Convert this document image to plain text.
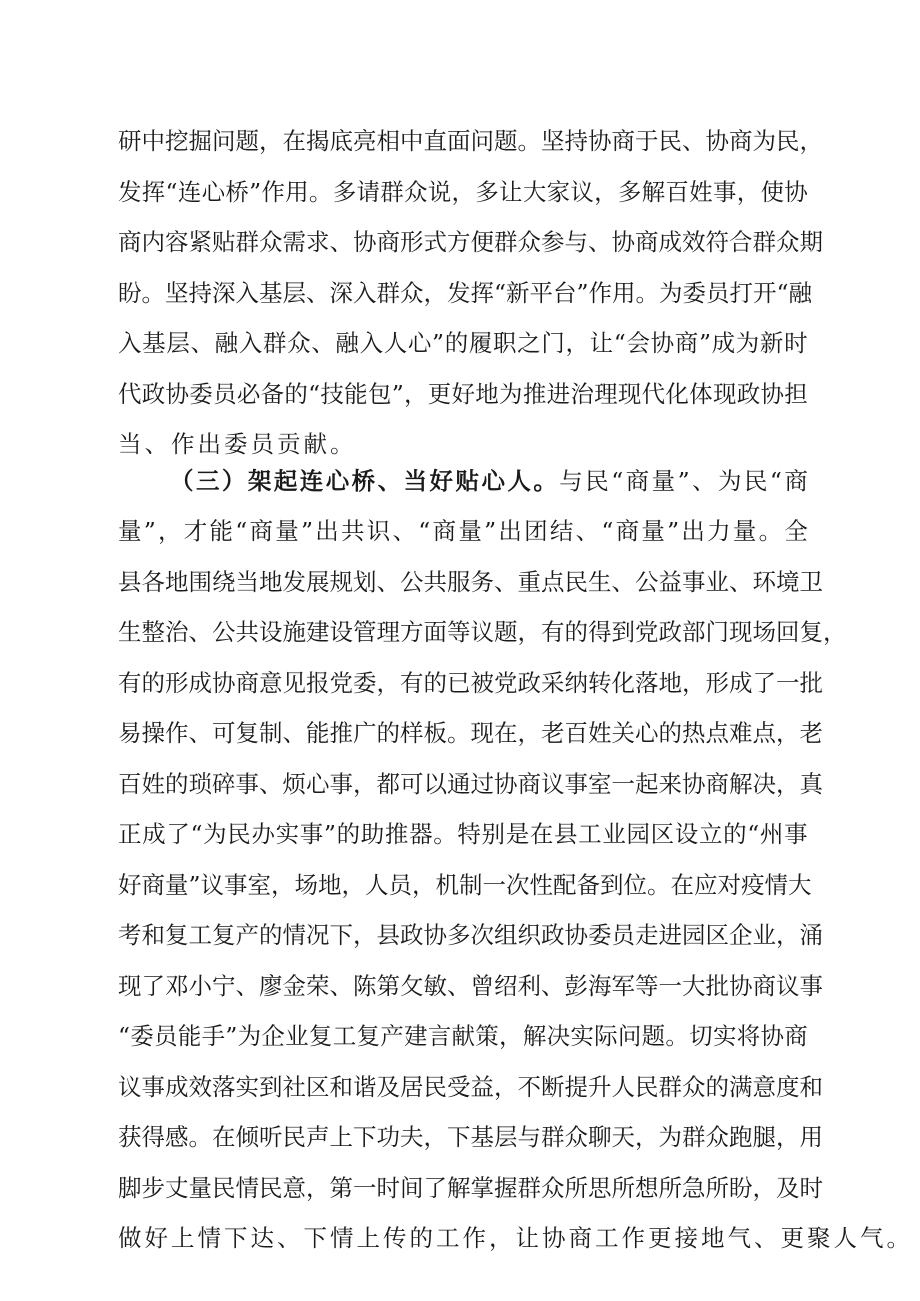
研 中 挖 掘 问 题 ， 在 揭 底 亮 相 中 直 面 问 题 。 坚 持 协 商 于 民 、 协 商 为 民 ，
发 挥 “ 连 心 桥 ” 作 用 。 多 请 群 众 说 ， 多 让 大 家 议 ， 多 解 百 姓 事 ， 使 协
商 内 容 紧 贴 群 众 需 求 、 协 商 形 式 方 便 群 众 参 与 、 协 商 成 效 符 合 群 众 期
盼 。 坚 持 深 入 基 层 、 深 入 群 众 ， 发 挥 “ 新 平 台 ” 作 用 。 为 委 员 打 开 “ 融
入 基 层 、 融 入 群 众 、 融 入 人 心 ” 的 履 职 之 门 ， 让 “ 会 协 商 ” 成 为 新 时
代 政 协 委 员 必 备 的 “ 技 能 包 ” ， 更 好 地 为 推 进 治 理 现 代 化 体 现 政 协 担
当 、 作 出 委 员 贡 献 。
（ 三 ） 架 起 连 心 桥 、 当 好 贴 心 人 。 与 民 “ 商 量 ” 、 为 民 “ 商
量 ” ， 才 能 “ 商 量 ” 出 共 识 、 “ 商 量 ” 出 团 结 、 “ 商 量 ” 出 力 量 。 全
县 各 地 围 绕 当 地 发 展 规 划 、 公 共 服 务 、 重 点 民 生 、 公 益 事 业 、 环 境 卫
生 整 治 、 公 共 设 施 建 设 管 理 方 面 等 议 题 ， 有 的 得 到 党 政 部 门 现 场 回 复 ，
有 的 形 成 协 商 意 见 报 党 委 ， 有 的 已 被 党 政 采 纳 转 化 落 地 ， 形 成 了 一 批
易 操 作 、 可 复 制 、 能 推 广 的 样 板 。 现 在 ， 老 百 姓 关 心 的 热 点 难 点 ， 老
百 姓 的 琐 碎 事 、 烦 心 事 ， 都 可 以 通 过 协 商 议 事 室 一 起 来 协 商 解 决 ， 真
正 成 了 “ 为 民 办 实 事 ” 的 助 推 器 。 特 别 是 在 县 工 业 园 区 设 立 的 “ 州 事
好 商 量 ” 议 事 室 ， 场 地 ， 人 员 ， 机 制 一 次 性 配 备 到 位 。 在 应 对 疫 情 大
考 和 复 工 复 产 的 情 况 下 ， 县 政 协 多 次 组 织 政 协 委 员 走 进 园 区 企 业 ， 涌
现 了 邓 小 宁 、 廖 金 荣 、 陈 第 攵 敏 、 曾 绍 利 、 彭 海 军 等 一 大 批 协 商 议 事
“ 委 员 能 手 ” 为 企 业 复 工 复 产 建 言 献 策 ， 解 决 实 际 问 题 。 切 实 将 协 商
议 事 成 效 落 实 到 社 区 和 谐 及 居 民 受 益 ， 不 断 提 升 人 民 群 众 的 满 意 度 和
获 得 感 。 在 倾 听 民 声 上 下 功 夫 ， 下 基 层 与 群 众 聊 天 ， 为 群 众 跑 腿 ， 用
脚 步 丈 量 民 情 民 意 ， 第 一 时 间 了 解 掌 握 群 众 所 思 所 想 所 急 所 盼 ， 及 时
做 好 上 情 下 达 、 下 情 上 传 的 工 作 ， 让 协 商 工 作 更 接 地 气 、 更 聚 人 气 。
